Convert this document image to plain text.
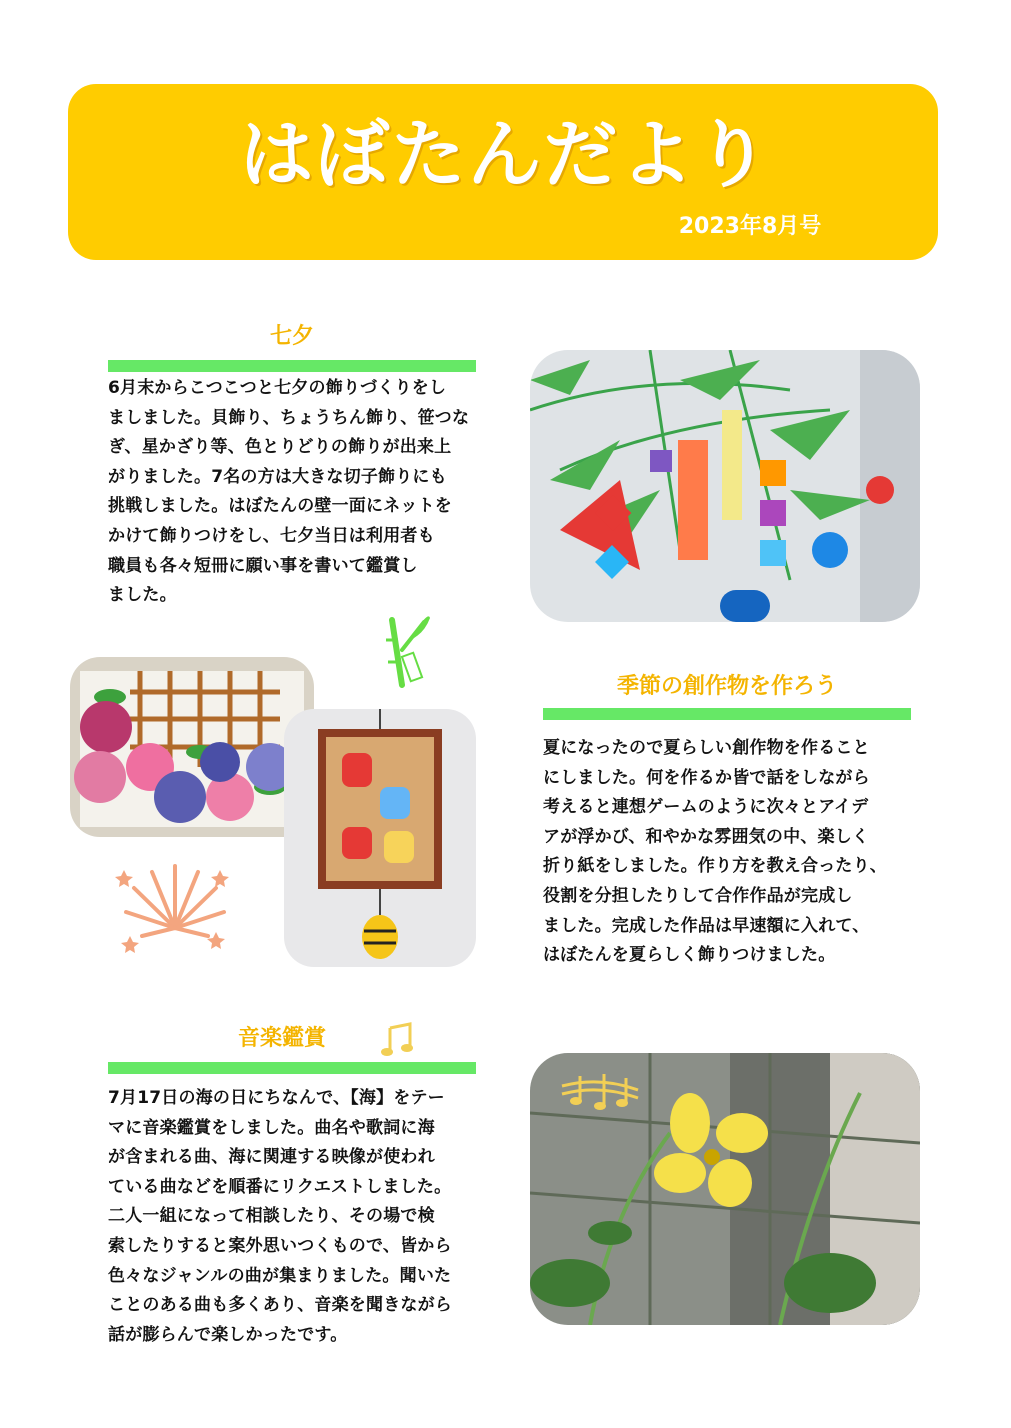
はぼたんだより
2023年8月号
七夕
6月末からこつこつと七夕の飾りづくりをし
ましました。貝飾り、ちょうちん飾り、笹つな
ぎ、星かざり等、色とりどりの飾りが出来上
がりました。7名の方は大きな切子飾りにも
挑戦しました。はぼたんの壁一面にネットを
かけて飾りつけをし、七夕当日は利用者も
職員も各々短冊に願い事を書いて鑑賞し
ました。
季節の創作物を作ろう
夏になったので夏らしい創作物を作ること
にしました。何を作るか皆で話をしながら
考えると連想ゲームのように次々とアイデ
アが浮かび、和やかな雰囲気の中、楽しく
折り紙をしました。作り方を教え合ったり、
役割を分担したりして合作作品が完成し
ました。完成した作品は早速額に入れて、
はぼたんを夏らしく飾りつけました。
音楽鑑賞
7月17日の海の日にちなんで、【海】をテー
マに音楽鑑賞をしました。曲名や歌詞に海
が含まれる曲、海に関連する映像が使われ
ている曲などを順番にリクエストしました。
二人一組になって相談したり、その場で検
索したりすると案外思いつくもので、皆から
色々なジャンルの曲が集まりました。聞いた
ことのある曲も多くあり、音楽を聞きながら
話が膨らんで楽しかったです。
